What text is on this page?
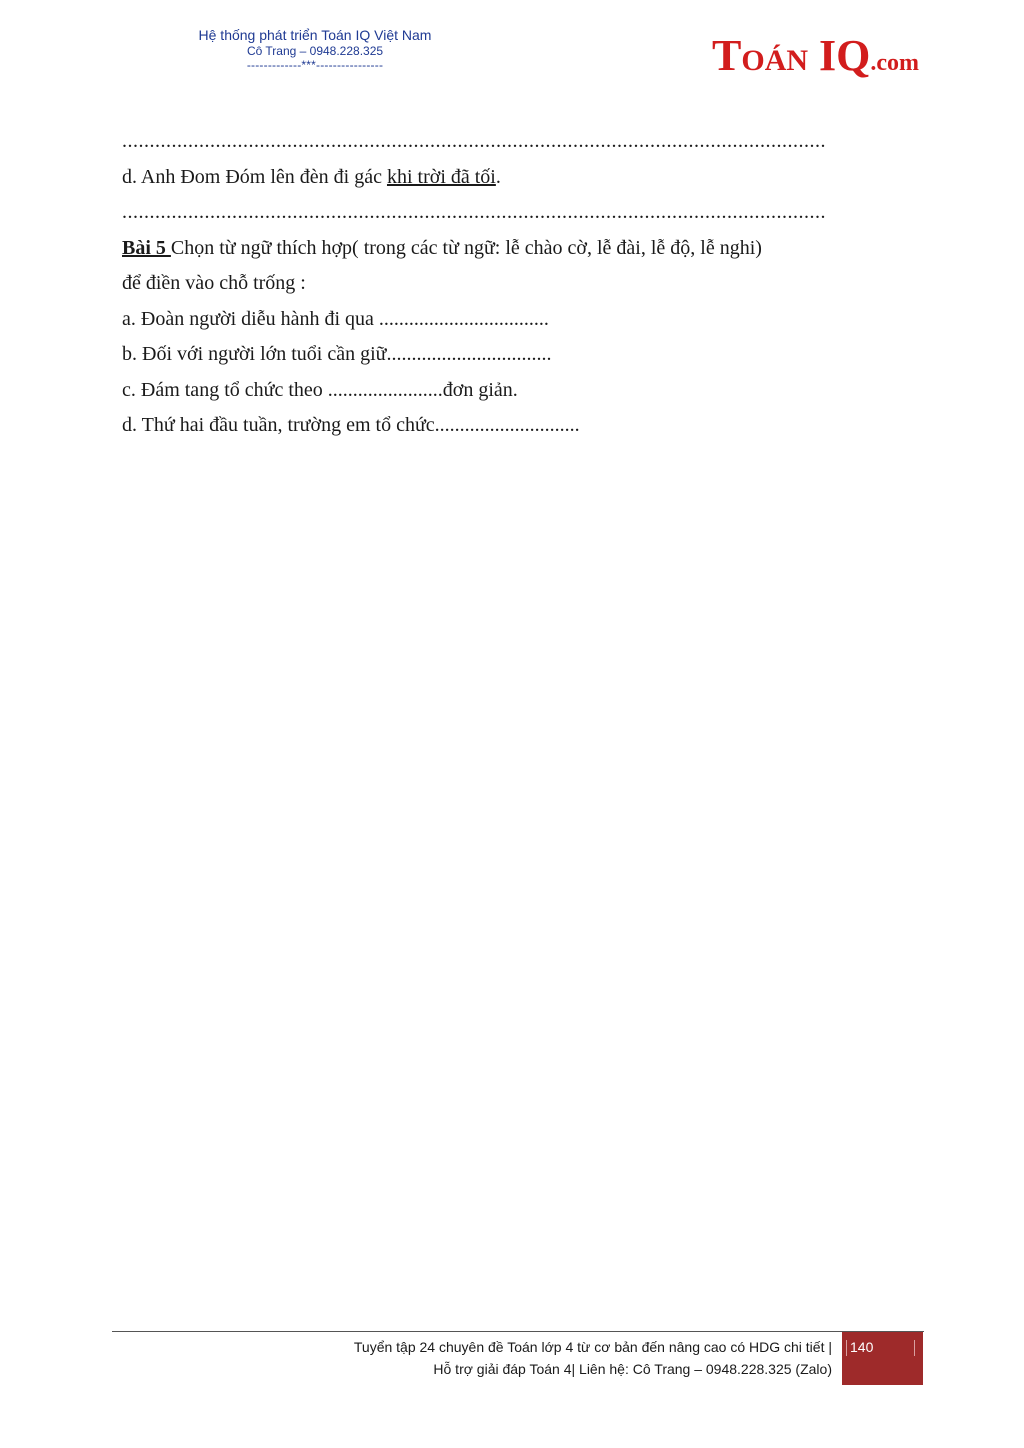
Hệ thống phát triển Toán IQ Việt Nam
Cô Trang – 0948.228.325
-------------***----------------	TOÁN IQ.com
................................................................................................................................
d. Anh Đom Đóm lên đèn đi gác khi trời đã tối.
................................................................................................................................
Bài 5 Chọn từ ngữ thích hợp( trong các từ ngữ: lễ chào cờ, lễ đài, lễ độ, lễ nghi)
để điền vào chỗ trống :
a. Đoàn người diễu hành đi qua ..................................
b. Đối với người lớn tuổi cần giữ.................................
c. Đám tang tổ chức theo .......................đơn giản.
d. Thứ hai đầu tuần, trường em tổ chức.............................
Tuyển tập 24 chuyên đề Toán lớp 4 từ cơ bản đến nâng cao có HDG chi tiết |
Hỗ trợ giải đáp Toán 4| Liên hệ: Cô Trang – 0948.228.325 (Zalo)
140
